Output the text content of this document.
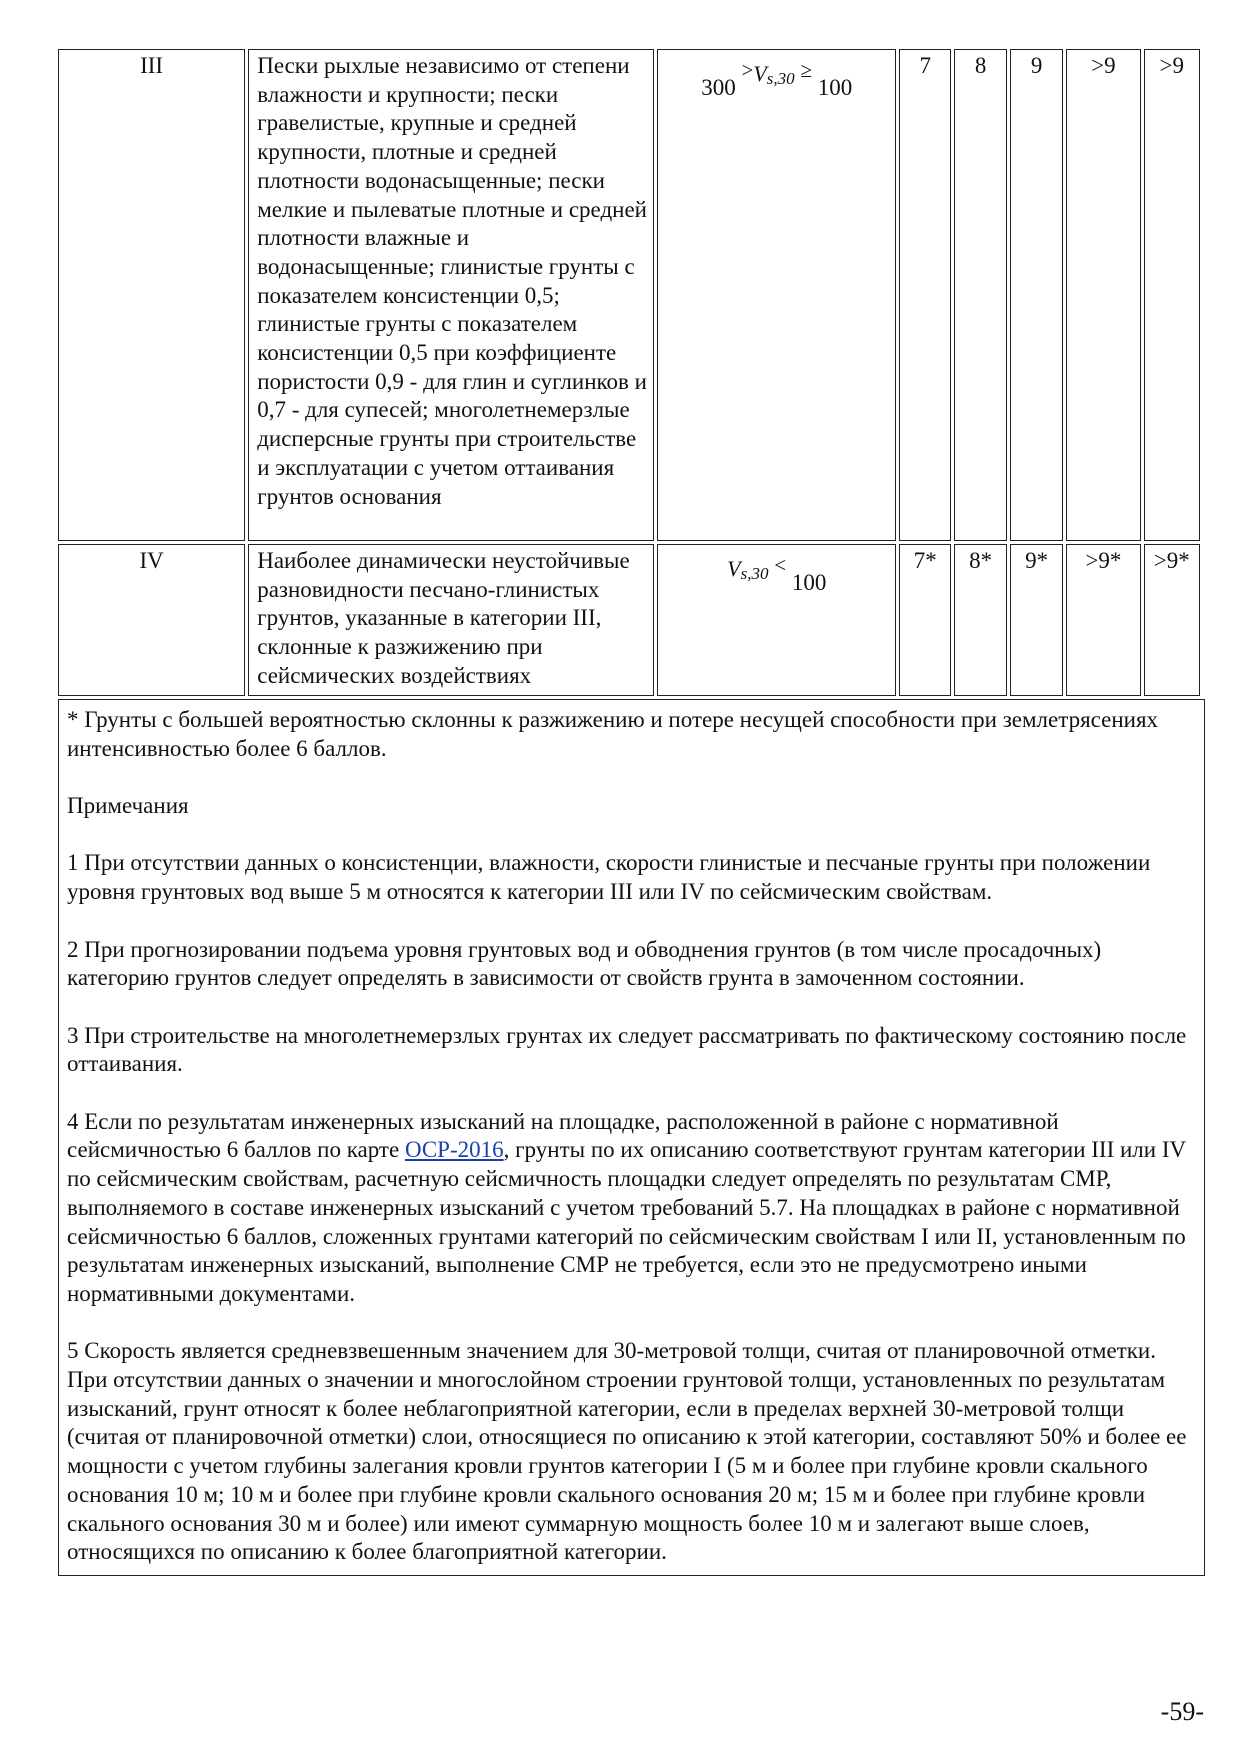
III	Пески рыхлые независимо от степени влажности и крупности; пески гравелистые, крупные и средней крупности, плотные и средней плотности водонасыщенные; пески мелкие и пылеватые плотные и средней плотности влажные и водонасыщенные; глинистые грунты с показателем консистенции 0,5; глинистые грунты с показателем консистенции 0,5 при коэффициенте пористости 0,9 - для глин и суглинков и 0,7 - для супесей; многолетнемерзлые дисперсные грунты при строительстве и эксплуатации с учетом оттаивания грунтов основания	300 >Vs,30 ≥ 100	7	8	9	>9	>9
IV	Наиболее динамически неустойчивые разновидности песчано-глинистых грунтов, указанные в категории III, склонные к разжижению при сейсмических воздействиях	Vs,30 < 100	7*	8*	9*	>9*	>9*

* Грунты с большей вероятностью склонны к разжижению и потере несущей способности при землетрясениях интенсивностью более 6 баллов.

Примечания

1 При отсутствии данных о консистенции, влажности, скорости глинистые и песчаные грунты при положении уровня грунтовых вод выше 5 м относятся к категории III или IV по сейсмическим свойствам.

2 При прогнозировании подъема уровня грунтовых вод и обводнения грунтов (в том числе просадочных) категорию грунтов следует определять в зависимости от свойств грунта в замоченном состоянии.

3 При строительстве на многолетнемерзлых грунтах их следует рассматривать по фактическому состоянию после оттаивания.

4 Если по результатам инженерных изысканий на площадке, расположенной в районе с нормативной сейсмичностью 6 баллов по карте ОСР-2016, грунты по их описанию соответствуют грунтам категории III или IV по сейсмическим свойствам, расчетную сейсмичность площадки следует определять по результатам СМР, выполняемого в составе инженерных изысканий с учетом требований 5.7. На площадках в районе с нормативной сейсмичностью 6 баллов, сложенных грунтами категорий по сейсмическим свойствам I или II, установленным по результатам инженерных изысканий, выполнение СМР не требуется, если это не предусмотрено иными нормативными документами.

5 Скорость является средневзвешенным значением для 30-метровой толщи, считая от планировочной отметки. При отсутствии данных о значении и многослойном строении грунтовой толщи, установленных по результатам изысканий, грунт относят к более неблагоприятной категории, если в пределах верхней 30-метровой толщи (считая от планировочной отметки) слои, относящиеся по описанию к этой категории, составляют 50% и более ее мощности с учетом глубины залегания кровли грунтов категории I (5 м и более при глубине кровли скального основания 10 м; 10 м и более при глубине кровли скального основания 20 м; 15 м и более при глубине кровли скального основания 30 м и более) или имеют суммарную мощность более 10 м и залегают выше слоев, относящихся по описанию к более благоприятной категории.

-59-
